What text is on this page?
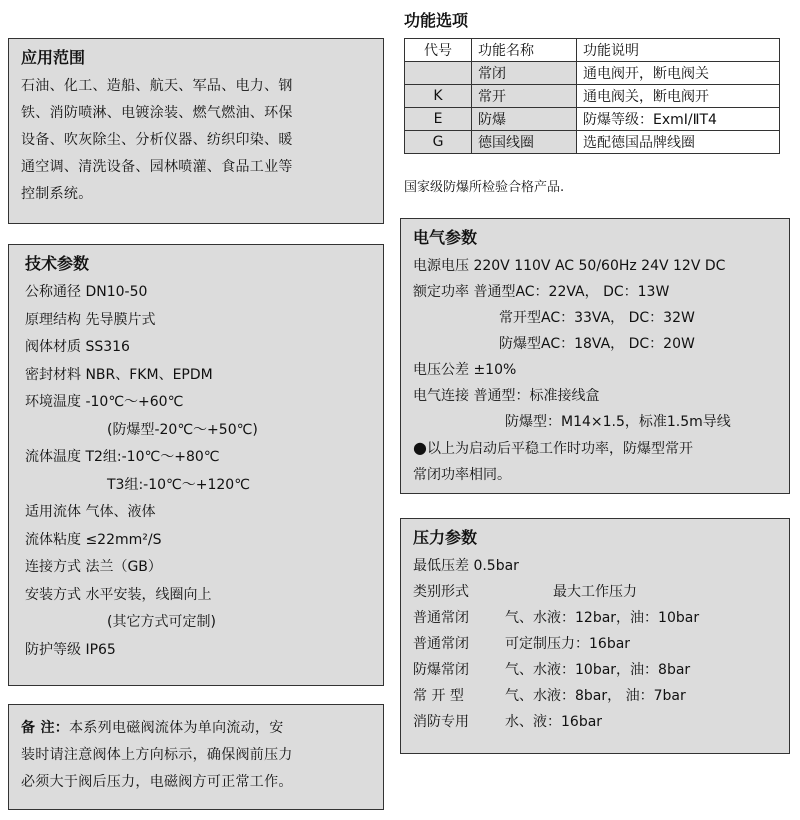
应用范围
石油、化工、造船、航天、军品、电力、钢
铁、消防喷淋、电镀涂装、燃气燃油、环保
设备、吹灰除尘、分析仪器、纺织印染、暖
通空调、清洗设备、园林喷灌、食品工业等
控制系统。
技术参数
公称通径 DN10-50
原理结构 先导膜片式
阀体材质 SS316
密封材料 NBR、FKM、EPDM
环境温度 -10℃～+60℃
(防爆型-20℃～+50℃)
流体温度 T2组:-10℃～+80℃
T3组:-10℃～+120℃
适用流体 气体、液体
流体粘度 ≤22mm²/S
连接方式 法兰（GB）
安装方式 水平安装，线圈向上
(其它方式可定制)
防护等级 IP65
备 注：本系列电磁阀流体为单向流动，安
装时请注意阀体上方向标示，确保阀前压力
必须大于阀后压力，电磁阀方可正常工作。
功能选项
代号	功能名称	功能说明
	常闭	通电阀开，断电阀关
K	常开	通电阀关，断电阀开
E	防爆	防爆等级：ExmⅠ/ⅡT4
G	德国线圈	选配德国品牌线圈
国家级防爆所检验合格产品.
电气参数
电源电压 220V 110V AC 50/60Hz 24V 12V DC
额定功率 普通型AC：22VA， DC：13W
常开型AC：33VA， DC：32W
防爆型AC：18VA， DC：20W
电压公差 ±10%
电气连接 普通型：标准接线盒
防爆型：M14×1.5，标准1.5m导线
●以上为启动后平稳工作时功率，防爆型常开
常闭功率相同。
压力参数
最低压差 0.5bar
类别形式	最大工作压力
普通常闭	气、水液：12bar，油：10bar
普通常闭	可定制压力：16bar
防爆常闭	气、水液：10bar，油：8bar
常 开 型	气、水液：8bar， 油：7bar
消防专用	水、液：16bar
